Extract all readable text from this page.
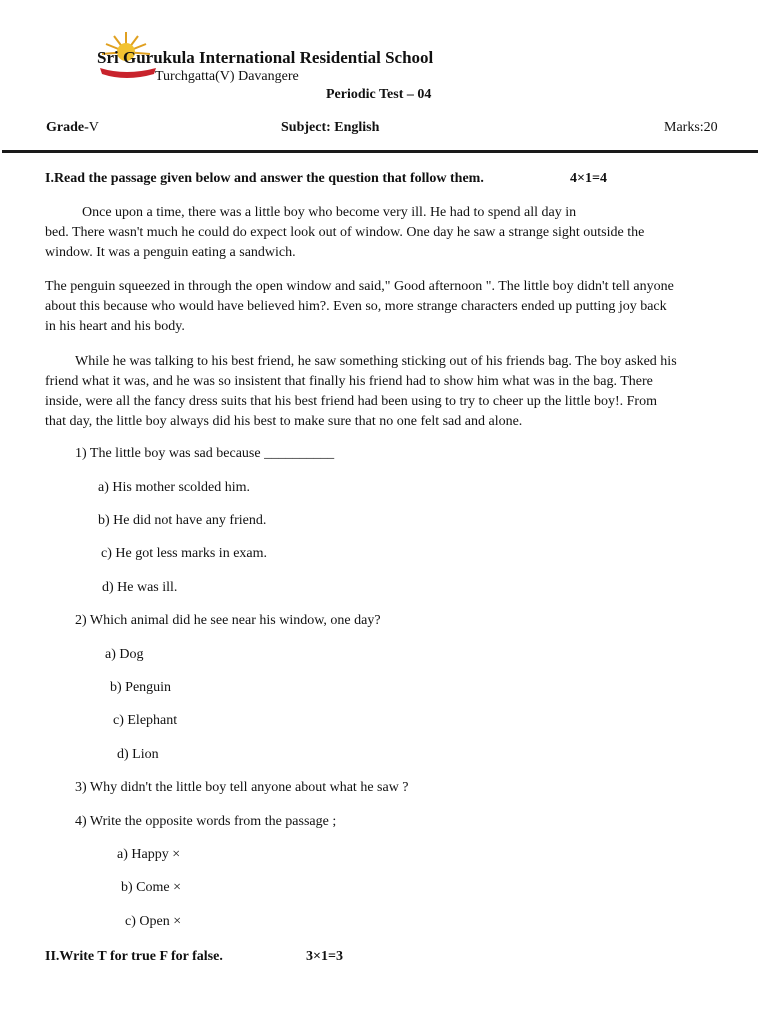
Sri Gurukula International Residential School
Turchgatta(V) Davangere
Periodic Test – 04
Grade-V	Subject: English	Marks:20
I.Read the passage given below and answer the question that follow them.	4×1=4
Once upon a time, there was a little boy who become very ill. He had to spend all day in
bed. There wasn't much he could do expect look out of window. One day he saw a strange sight outside the
window. It was a penguin eating a sandwich.
The penguin squeezed in through the open window and said," Good afternoon ". The little boy didn't tell anyone
about this because who would have believed him?. Even so, more strange characters ended up putting joy back
in his heart and his body.
While he was talking to his best friend, he saw something sticking out of his friends bag. The boy asked his
friend what it was, and he was so insistent that finally his friend had to show him what was in the bag. There
inside, were all the fancy dress suits that his best friend had been using to try to cheer up the little boy!. From
that day, the little boy always did his best to make sure that no one felt sad and alone.
1) The little boy was sad because __________
a) His mother scolded him.
b) He did not have any friend.
c) He got less marks in exam.
d) He was ill.
2) Which animal did he see near his window, one day?
a) Dog
b) Penguin
c) Elephant
d) Lion
3) Why didn't the little boy tell anyone about what he saw ?
4) Write the opposite words from the passage ;
a) Happy ×
b) Come ×
c) Open ×
II.Write T for true F for false.	3×1=3
